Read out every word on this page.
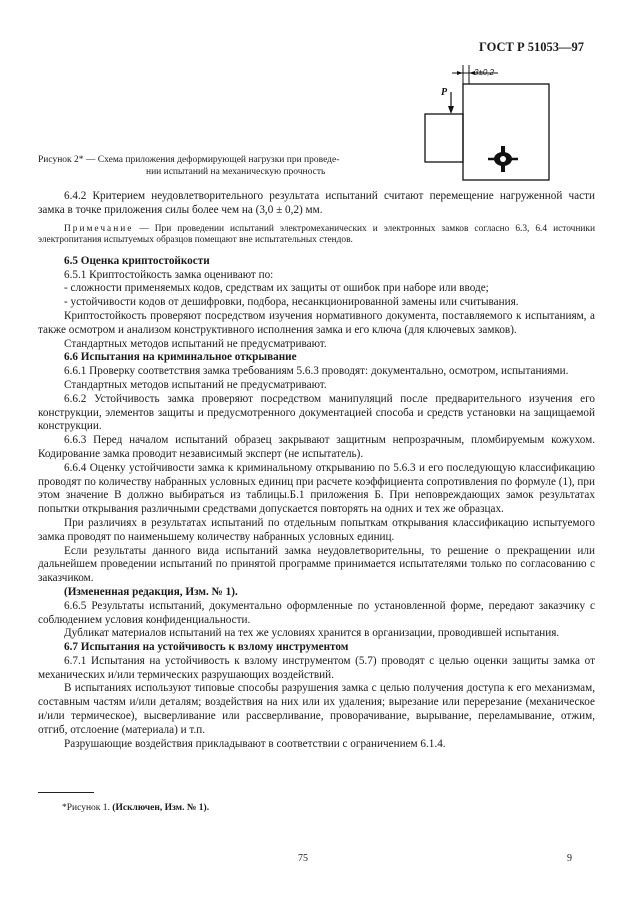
ГОСТ Р 51053—97
3±0,2
Р
Рисунок 2* — Схема приложения деформирующей нагрузки при проведе-
нии испытаний на механическую прочность

6.4.2 Критерием неудовлетворительного результата испытаний считают перемещение нагруженной части замка в точке приложения силы более чем на (3,0 ± 0,2) мм.

Примечание — При проведении испытаний электромеханических и электронных замков согласно 6.3, 6.4 источники электропитания испытуемых образцов помещают вне испытательных стендов.

6.5 Оценка криптостойкости

6.5.1 Криптостойкость замка оценивают по:

- сложности применяемых кодов, средствам их защиты от ошибок при наборе или вводе;

- устойчивости кодов от дешифровки, подбора, несанкционированной замены или считывания.

Криптостойкость проверяют посредством изучения нормативного документа, поставляемого к испытаниям, а также осмотром и анализом конструктивного исполнения замка и его ключа (для ключевых замков).

Стандартных методов испытаний не предусматривают.

6.6 Испытания на криминальное открывание

6.6.1 Проверку соответствия замка требованиям 5.6.3 проводят: документально, осмотром, испытаниями.

Стандартных методов испытаний не предусматривают.

6.6.2 Устойчивость замка проверяют посредством манипуляций после предварительного изучения его конструкции, элементов защиты и предусмотренного документацией способа и средств установки на защищаемой конструкции.

6.6.3 Перед началом испытаний образец закрывают защитным непрозрачным, пломбируемым кожухом. Кодирование замка проводит независимый эксперт (не испытатель).

6.6.4 Оценку устойчивости замка к криминальному открыванию по 5.6.3 и его последующую классификацию проводят по количеству набранных условных единиц при расчете коэффициента сопротивления по формуле (1), при этом значение В должно выбираться из таблицы.Б.1 приложения Б. При неповреждающих замок результатах попытки открывания различными средствами допускается повторять на одних и тех же образцах.

При различиях в результатах испытаний по отдельным попыткам открывания классификацию испытуемого замка проводят по наименьшему количеству набранных условных единиц.

Если результаты данного вида испытаний замка неудовлетворительны, то решение о прекращении или дальнейшем проведении испытаний по принятой программе принимается испытателями только по согласованию с заказчиком.

(Измененная редакция, Изм. № 1).

6.6.5 Результаты испытаний, документально оформленные по установленной форме, передают заказчику с соблюдением условия конфиденциальности.

Дубликат материалов испытаний на тех же условиях хранится в организации, проводившей испытания.

6.7 Испытания на устойчивость к взлому инструментом

6.7.1 Испытания на устойчивость к взлому инструментом (5.7) проводят с целью оценки защиты замка от механических и/или термических разрушающих воздействий.

В испытаниях используют типовые способы разрушения замка с целью получения доступа к его механизмам, составным частям и/или деталям; воздействия на них или их удаления; вырезание или перерезание (механическое и/или термическое), высверливание или рассверливание, проворачивание, вырывание, переламывание, отжим, отгиб, отслоение (материала) и т.п.

Разрушающие воздействия прикладывают в соответствии с ограничением 6.1.4.

*Рисунок 1. (Исключен, Изм. № 1).
75	9
